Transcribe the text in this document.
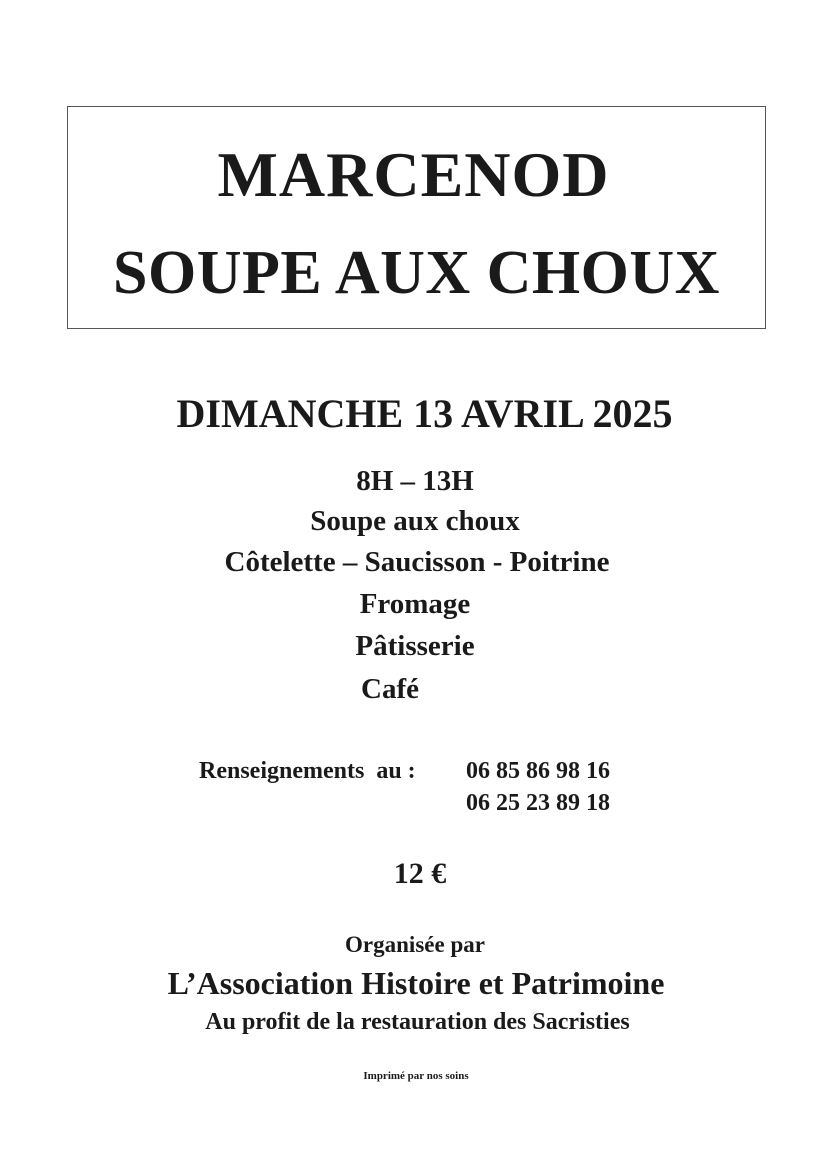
MARCENOD
SOUPE AUX CHOUX
DIMANCHE 13 AVRIL 2025
8H – 13H
Soupe aux choux
Côtelette – Saucisson - Poitrine
Fromage
Pâtisserie
Café
Renseignements  au : 06 85 86 98 16
06 25 23 89 18
12 €
Organisée par
L’Association Histoire et Patrimoine
Au profit de la restauration des Sacristies
Imprimé par nos soins
